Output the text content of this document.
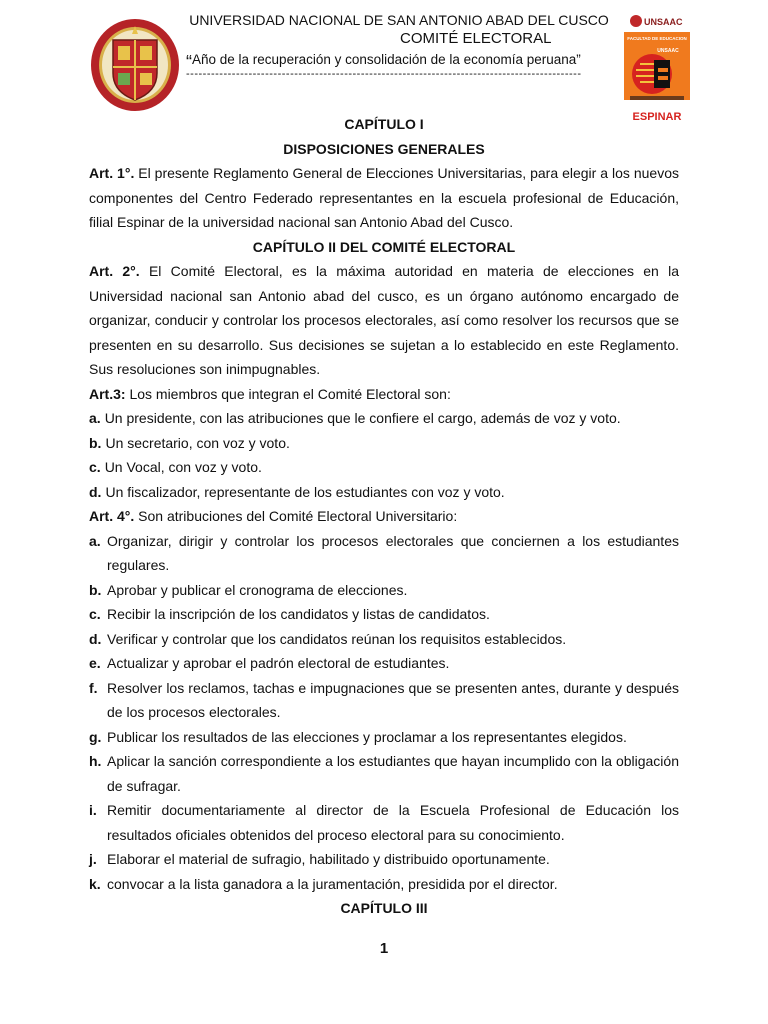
UNIVERSIDAD NACIONAL DE SAN ANTONIO ABAD DEL CUSCO
COMITÉ ELECTORAL
“Año de la recuperación y consolidación de la economía peruana”
-----------------------------------------------------------------------------------------------
UNSAAC
FACULTAD DE EDUCACION
UNSAAC
ESPINAR

CAPÍTULO I

DISPOSICIONES GENERALES

Art. 1°. El presente Reglamento General de Elecciones Universitarias, para elegir a los nuevos componentes del Centro Federado representantes en la escuela profesional de Educación, filial Espinar de la universidad nacional san Antonio Abad del Cusco.

CAPÍTULO II DEL COMITÉ ELECTORAL

Art. 2°. El Comité Electoral, es la máxima autoridad en materia de elecciones en la Universidad nacional san Antonio abad del cusco, es un órgano autónomo encargado de organizar, conducir y controlar los procesos electorales, así como resolver los recursos que se presenten en su desarrollo. Sus decisiones se sujetan a lo establecido en este Reglamento. Sus resoluciones son inimpugnables.

Art.3: Los miembros que integran el Comité Electoral son:

a. Un presidente, con las atribuciones que le confiere el cargo, además de voz y voto.
b. Un secretario, con voz y voto.
c. Un Vocal, con voz y voto.
d. Un fiscalizador, representante de los estudiantes con voz y voto.

Art. 4°. Son atribuciones del Comité Electoral Universitario:

a. Organizar, dirigir y controlar los procesos electorales que conciernen a los estudiantes regulares.
b. Aprobar y publicar el cronograma de elecciones.
c. Recibir la inscripción de los candidatos y listas de candidatos.
d. Verificar y controlar que los candidatos reúnan los requisitos establecidos.
e. Actualizar y aprobar el padrón electoral de estudiantes.
f. Resolver los reclamos, tachas e impugnaciones que se presenten antes, durante y después de los procesos electorales.
g. Publicar los resultados de las elecciones y proclamar a los representantes elegidos.
h. Aplicar la sanción correspondiente a los estudiantes que hayan incumplido con la obligación de sufragar.
i. Remitir documentariamente al director de la Escuela Profesional de Educación los resultados oficiales obtenidos del proceso electoral para su conocimiento.
j. Elaborar el material de sufragio, habilitado y distribuido oportunamente.
k. convocar a la lista ganadora a la juramentación, presidida por el director.

CAPÍTULO III

1
